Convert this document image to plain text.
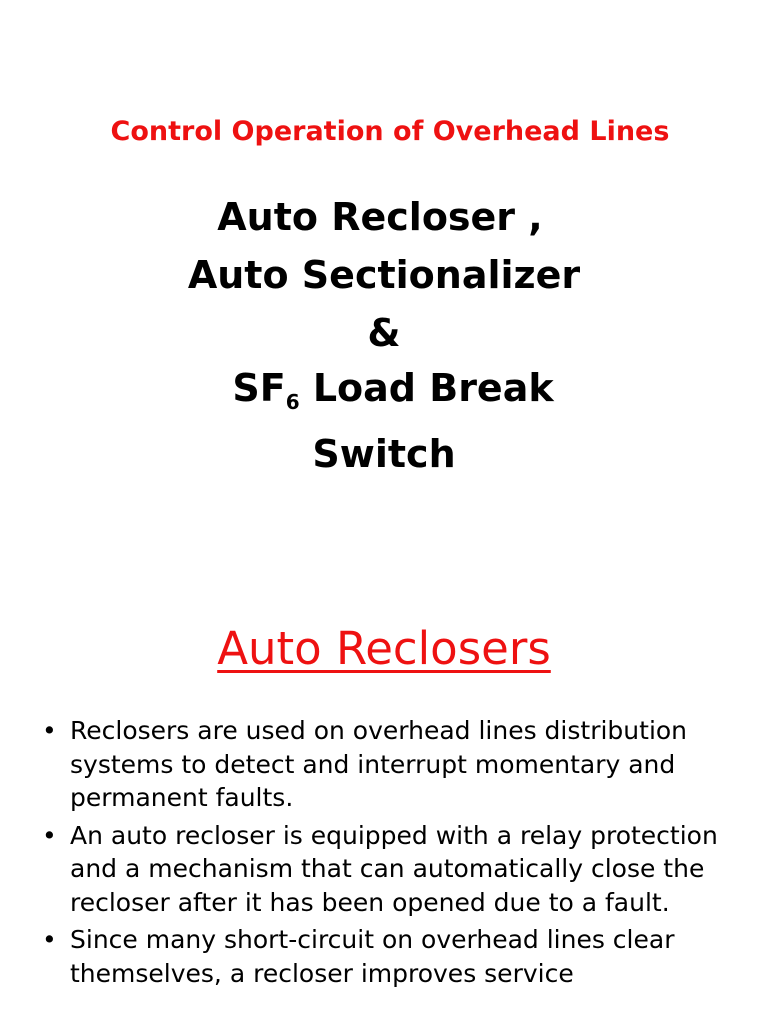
Control Operation of Overhead Lines
Auto Recloser ,
Auto Sectionalizer
&
$SF_6$ Load Break
Switch
Auto Reclosers
• Reclosers are used on overhead lines distribution systems to detect and interrupt momentary and permanent faults.
• An auto recloser is equipped with a relay protection and a mechanism that can automatically close the recloser after it has been opened due to a fault.
• Since many short-circuit on overhead lines clear themselves, a recloser improves service
